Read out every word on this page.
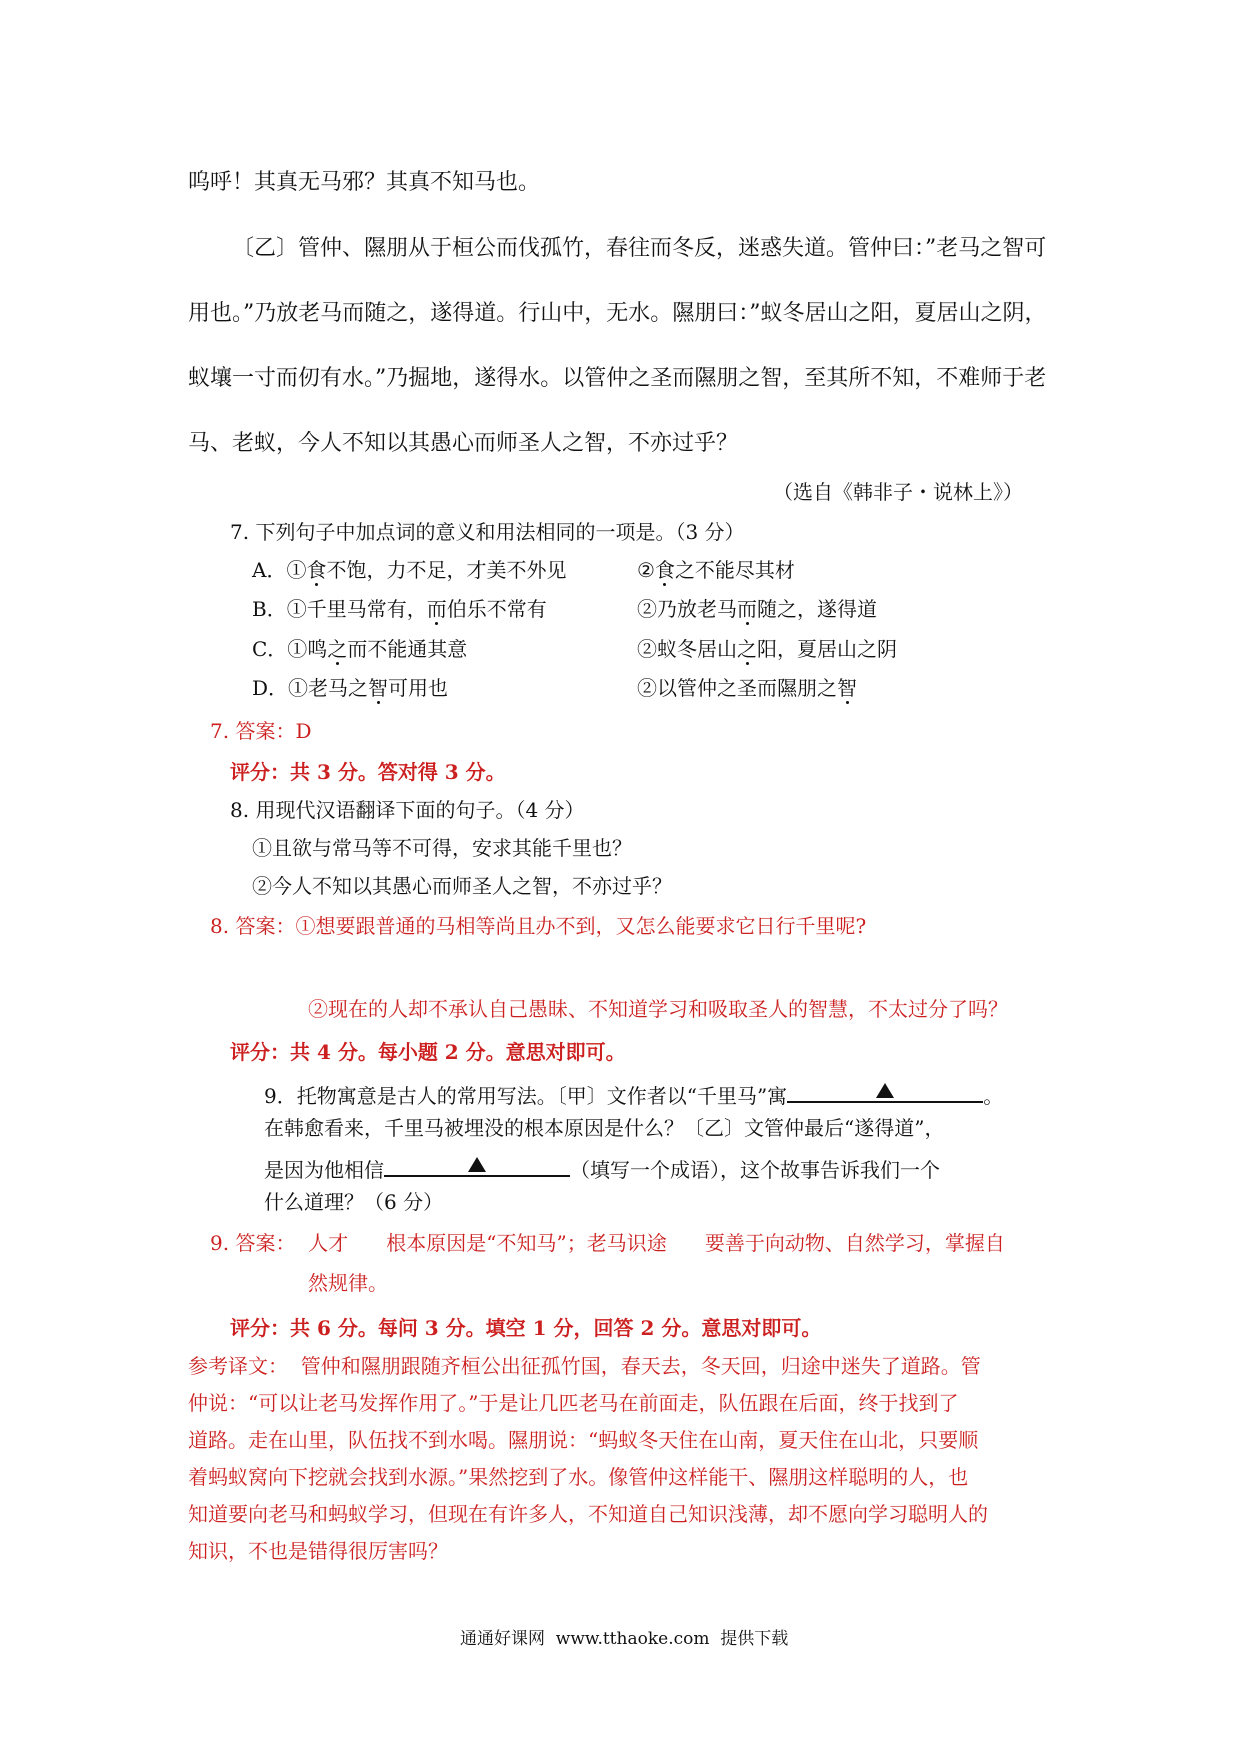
呜呼！其真无马邪？其真不知马也。
〔乙〕管仲、隰朋从于桓公而伐孤竹，春往而冬反，迷惑失道。管仲曰：”老马之智可
用也。”乃放老马而随之，遂得道。行山中，无水。隰朋曰：”蚁冬居山之阳，夏居山之阴，
蚁壤一寸而仞有水。”乃掘地，遂得水。以管仲之圣而隰朋之智，至其所不知，不难师于老
马、老蚁，今人不知以其愚心而师圣人之智，不亦过乎？
（选自《韩非子・说林上》）
7. 下列句子中加点词的意义和用法相同的一项是。（3 分）
A．①食不饱，力不足，才美不外见	②食之不能尽其材
B．①千里马常有，而伯乐不常有	②乃放老马而随之，遂得道
C．①鸣之而不能通其意	②蚁冬居山之阳，夏居山之阴
D．①老马之智可用也	②以管仲之圣而隰朋之智
7. 答案：D
评分：共 3 分。答对得 3 分。
8. 用现代汉语翻译下面的句子。（4 分）
①且欲与常马等不可得，安求其能千里也？
②今人不知以其愚心而师圣人之智，不亦过乎？
8. 答案：①想要跟普通的马相等尚且办不到，又怎么能要求它日行千里呢?
②现在的人却不承认自己愚昧、不知道学习和吸取圣人的智慧，不太过分了吗？
评分：共 4 分。每小题 2 分。意思对即可。
9．托物寓意是古人的常用写法。〔甲〕文作者以“千里马”寓	。
在韩愈看来，千里马被埋没的根本原因是什么？〔乙〕文管仲最后“遂得道”，
是因为他相信	（填写一个成语），这个故事告诉我们一个
什么道理？（6 分）
9. 答案：  人才      根本原因是“不知马”；老马识途      要善于向动物、自然学习，掌握自
然规律。
评分：共 6 分。每问 3 分。填空 1 分，回答 2 分。意思对即可。
参考译文：  管仲和隰朋跟随齐桓公出征孤竹国，春天去，冬天回，归途中迷失了道路。管
仲说：“可以让老马发挥作用了。”于是让几匹老马在前面走，队伍跟在后面，终于找到了
道路。走在山里，队伍找不到水喝。隰朋说：“蚂蚁冬天住在山南，夏天住在山北，只要顺
着蚂蚁窝向下挖就会找到水源。”果然挖到了水。像管仲这样能干、隰朋这样聪明的人，也
知道要向老马和蚂蚁学习，但现在有许多人，不知道自己知识浅薄，却不愿向学习聪明人的
知识，不也是错得很厉害吗？
通通好课网  www.tthaoke.com  提供下载
